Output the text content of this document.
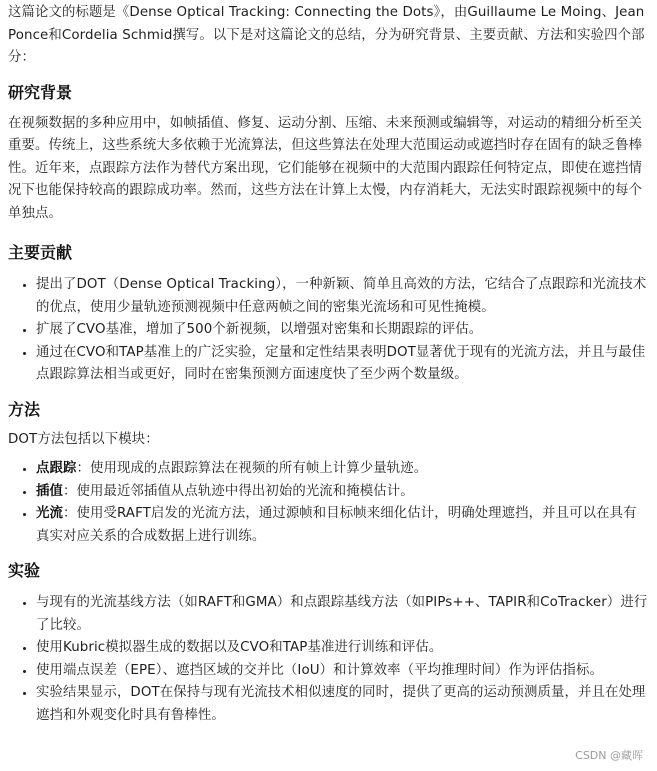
这篇论文的标题是《Dense Optical Tracking: Connecting the Dots》，由Guillaume Le Moing、Jean Ponce和Cordelia Schmid撰写。以下是对这篇论文的总结，分为研究背景、主要贡献、方法和实验四个部分：

研究背景

在视频数据的多种应用中，如帧插值、修复、运动分割、压缩、未来预测或编辑等，对运动的精细分析至关重要。传统上，这些系统大多依赖于光流算法，但这些算法在处理大范围运动或遮挡时存在固有的缺乏鲁棒性。近年来，点跟踪方法作为替代方案出现，它们能够在视频中的大范围内跟踪任何特定点，即使在遮挡情况下也能保持较高的跟踪成功率。然而，这些方法在计算上太慢，内存消耗大，无法实时跟踪视频中的每个单独点。

主要贡献
• 提出了DOT（Dense Optical Tracking），一种新颖、简单且高效的方法，它结合了点跟踪和光流技术的优点，使用少量轨迹预测视频中任意两帧之间的密集光流场和可见性掩模。
• 扩展了CVO基准，增加了500个新视频，以增强对密集和长期跟踪的评估。
• 通过在CVO和TAP基准上的广泛实验，定量和定性结果表明DOT显著优于现有的光流方法，并且与最佳点跟踪算法相当或更好，同时在密集预测方面速度快了至少两个数量级。
方法

DOT方法包括以下模块：

• 点跟踪：使用现成的点跟踪算法在视频的所有帧上计算少量轨迹。
• 插值：使用最近邻插值从点轨迹中得出初始的光流和掩模估计。
• 光流：使用受RAFT启发的光流方法，通过源帧和目标帧来细化估计，明确处理遮挡，并且可以在具有真实对应关系的合成数据上进行训练。
实验
• 与现有的光流基线方法（如RAFT和GMA）和点跟踪基线方法（如PIPs++、TAPIR和CoTracker）进行了比较。
• 使用Kubric模拟器生成的数据以及CVO和TAP基准进行训练和评估。
• 使用端点误差（EPE）、遮挡区域的交并比（IoU）和计算效率（平均推理时间）作为评估指标。
• 实验结果显示，DOT在保持与现有光流技术相似速度的同时，提供了更高的运动预测质量，并且在处理遮挡和外观变化时具有鲁棒性。
CSDN @藏晖
